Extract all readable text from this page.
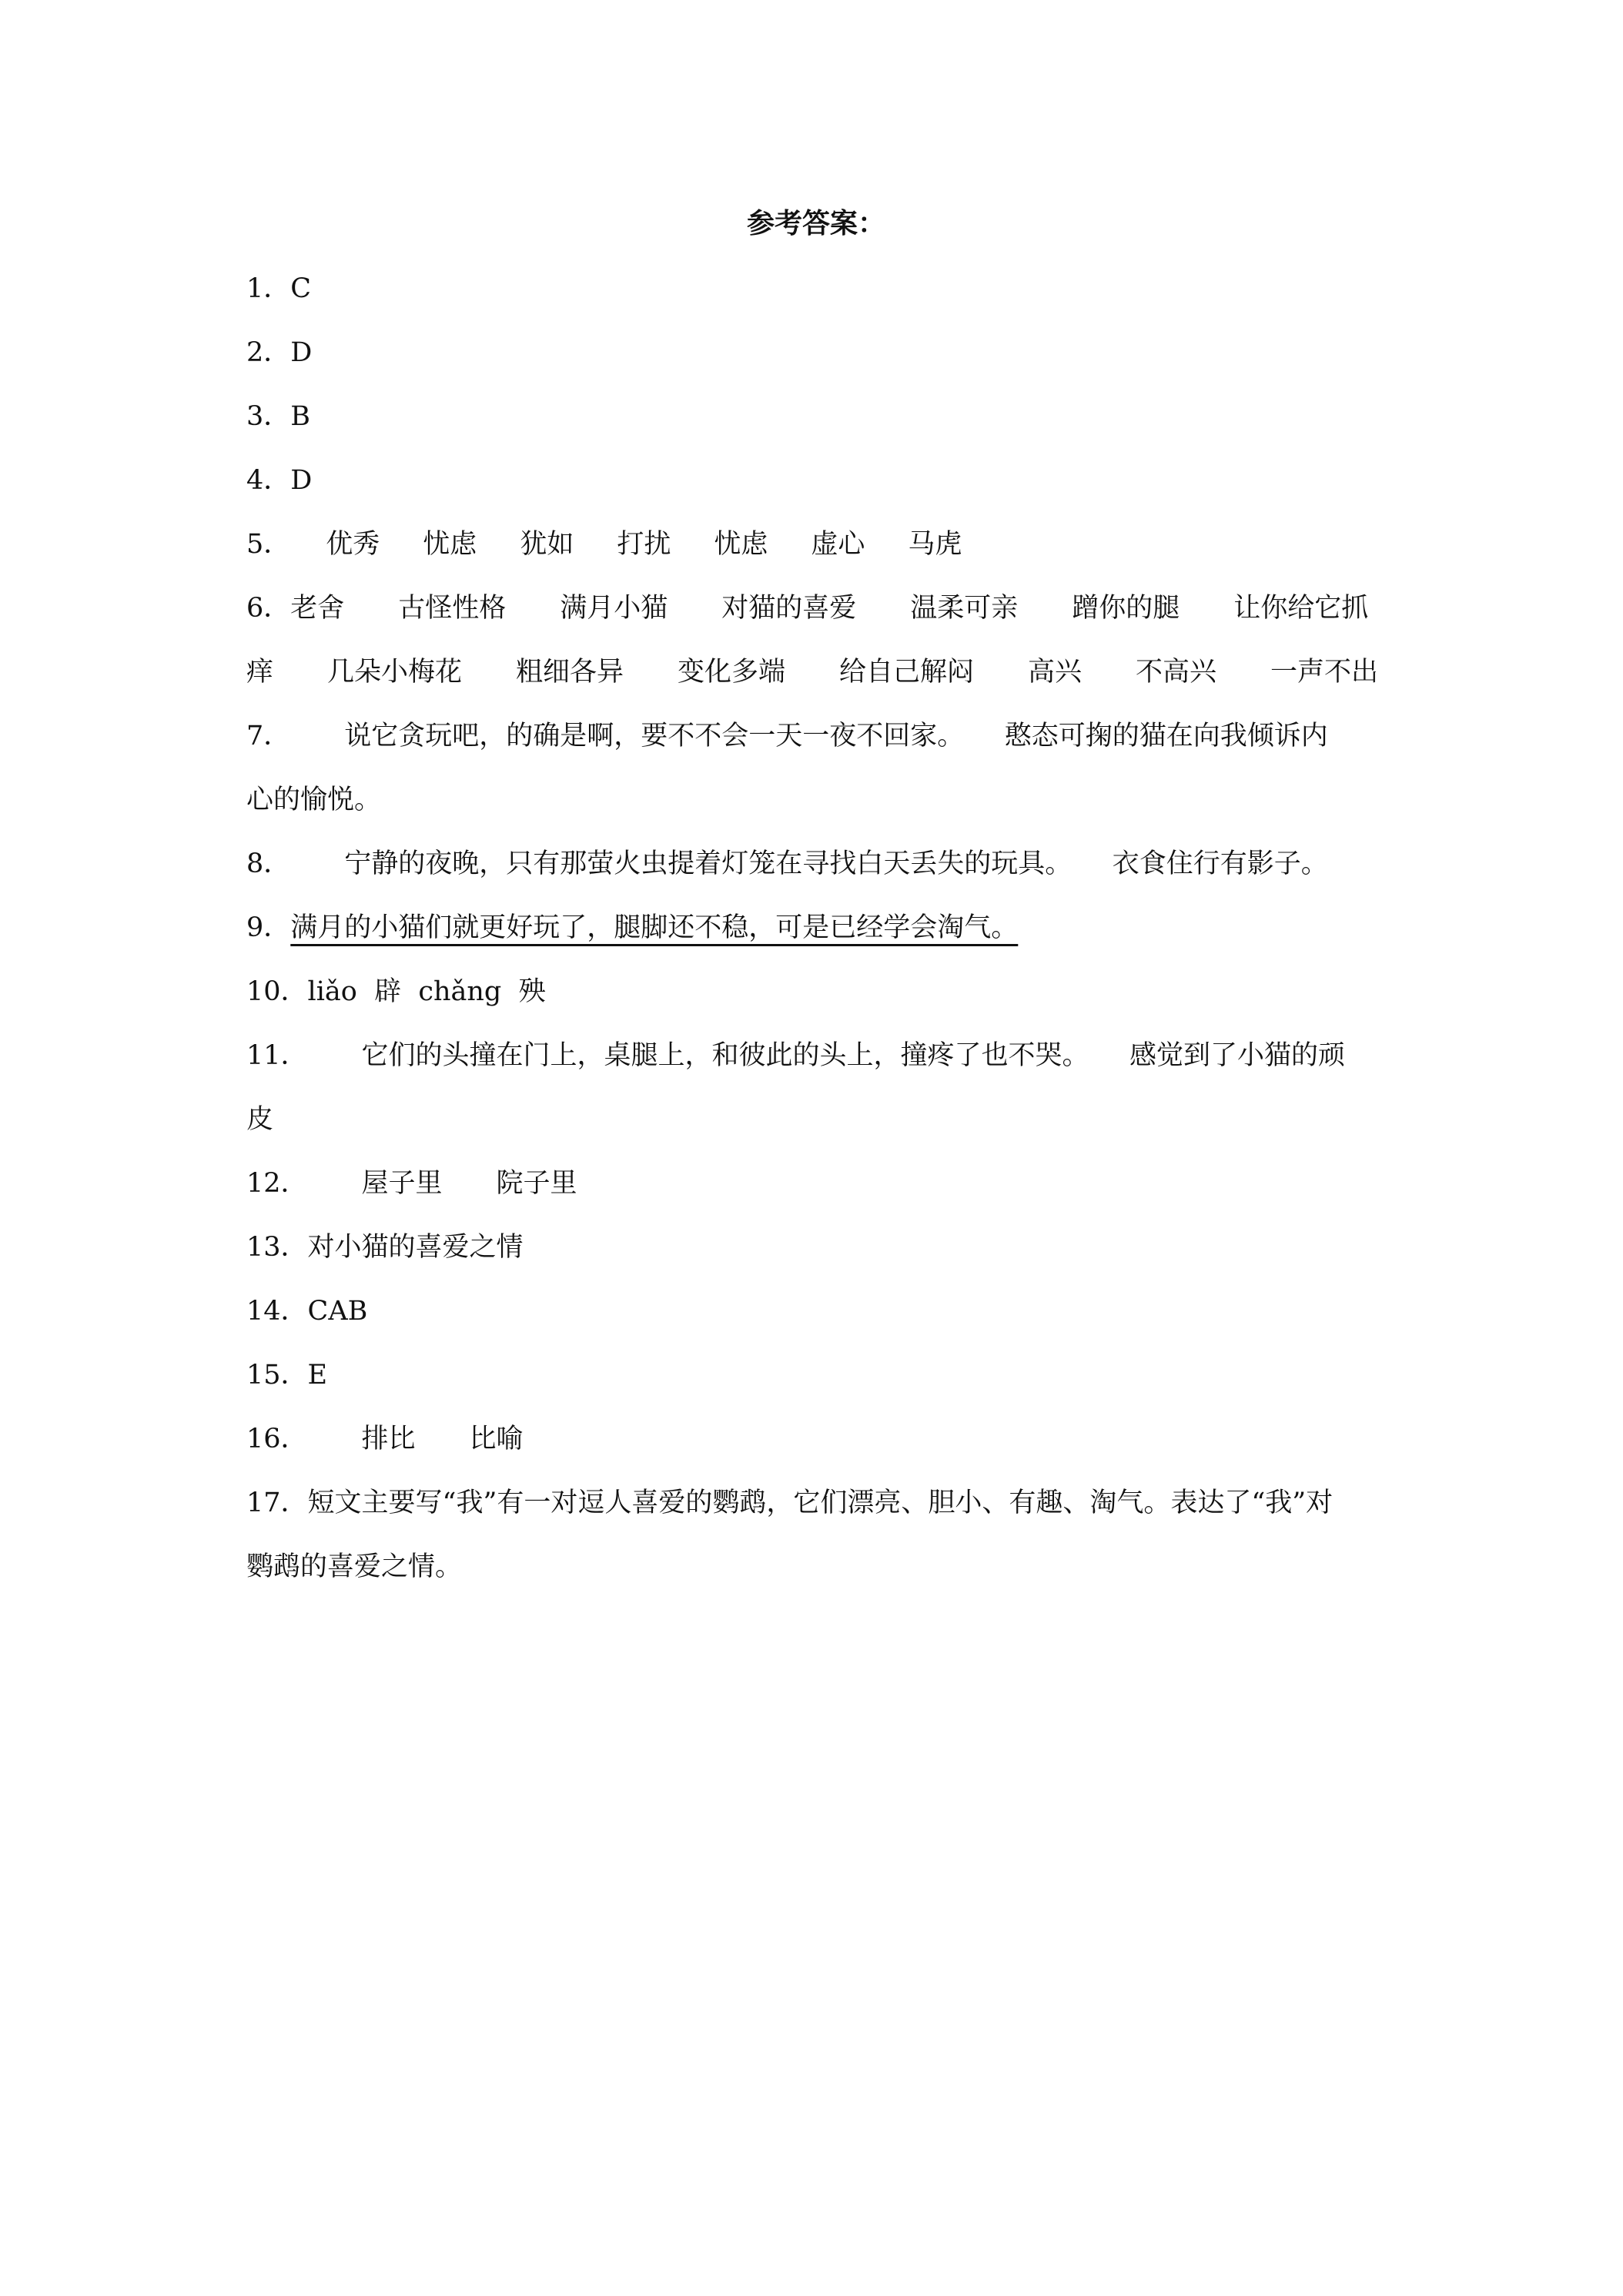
参考答案：
1．C
2．D
3．B
4．D
5． 优秀 忧虑 犹如 打扰 忧虑 虚心 马虎
6．老舍　　古怪性格　　满月小猫　　对猫的喜爱　　温柔可亲　　蹭你的腿　　让你给它抓
痒　　几朵小梅花　　粗细各异　　变化多端　　给自己解闷　　高兴　　不高兴　　一声不出
7．　　说它贪玩吧，的确是啊，要不不会一天一夜不回家。　　憨态可掬的猫在向我倾诉内
心的愉悦。
8．　　宁静的夜晚，只有那萤火虫提着灯笼在寻找白天丢失的玩具。　　衣食住行有影子。
9．满月的小猫们就更好玩了，腿脚还不稳，可是已经学会淘气。
10．liǎo  辟  chǎng  殃
11．　　它们的头撞在门上，桌腿上，和彼此的头上，撞疼了也不哭。　　感觉到了小猫的顽
皮
12．　　屋子里　　院子里
13．对小猫的喜爱之情
14．CAB
15．E
16．　　排比　　比喻
17．短文主要写“我”有一对逗人喜爱的鹦鹉，它们漂亮、胆小、有趣、淘气。表达了“我”对
鹦鹉的喜爱之情。
